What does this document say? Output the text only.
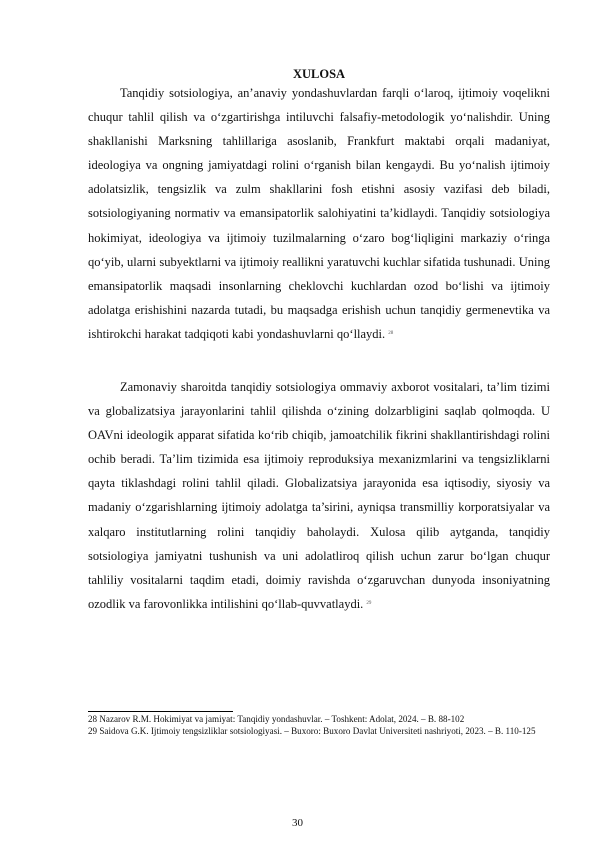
XULOSA

Tanqidiy sotsiologiya, an’anaviy yondashuvlardan farqli o‘laroq, ijtimoiy voqelikni chuqur tahlil qilish va o‘zgartirishga intiluvchi falsafiy-metodologik yo‘nalishdir. Uning shakllanishi Marksning tahlillariga asoslanib, Frankfurt maktabi orqali madaniyat, ideologiya va ongning jamiyatdagi rolini o‘rganish bilan kengaydi. Bu yo‘nalish ijtimoiy adolatsizlik, tengsizlik va zulm shakllarini fosh etishni asosiy vazifasi deb biladi, sotsiologiyaning normativ va emansipatorlik salohiyatini ta’kidlaydi. Tanqidiy sotsiologiya hokimiyat, ideologiya va ijtimoiy tuzilmalarning o‘zaro bog‘liqligini markaziy o‘ringa qo‘yib, ularni subyektlarni va ijtimoiy reallikni yaratuvchi kuchlar sifatida tushunadi. Uning emansipatorlik maqsadi insonlarning cheklovchi kuchlardan ozod bo‘lishi va ijtimoiy adolatga erishishini nazarda tutadi, bu maqsadga erishish uchun tanqidiy germenevtika va ishtirokchi harakat tadqiqoti kabi yondashuvlarni qo‘llaydi. $^{28}$

Zamonaviy sharoitda tanqidiy sotsiologiya ommaviy axborot vositalari, ta’lim tizimi va globalizatsiya jarayonlarini tahlil qilishda o‘zining dolzarbligini saqlab qolmoqda. U OAVni ideologik apparat sifatida ko‘rib chiqib, jamoatchilik fikrini shakllantirishdagi rolini ochib beradi. Ta’lim tizimida esa ijtimoiy reproduksiya mexanizmlarini va tengsizliklarni qayta tiklashdagi rolini tahlil qiladi. Globalizatsiya jarayonida esa iqtisodiy, siyosiy va madaniy o‘zgarishlarning ijtimoiy adolatga ta’sirini, ayniqsa transmilliy korporatsiyalar va xalqaro institutlarning rolini tanqidiy baholaydi. Xulosa qilib aytganda, tanqidiy sotsiologiya jamiyatni tushunish va uni adolatliroq qilish uchun zarur bo‘lgan chuqur tahliliy vositalarni taqdim etadi, doimiy ravishda o‘zgaruvchan dunyoda insoniyatning ozodlik va farovonlikka intilishini qo‘llab-quvvatlaydi. $^{29}$

28 Nazarov R.M. Hokimiyat va jamiyat: Tanqidiy yondashuvlar. – Toshkent: Adolat, 2024. – B. 88-102

29 Saidova G.K. Ijtimoiy tengsizliklar sotsiologiyasi. – Buxoro: Buxoro Davlat Universiteti nashriyoti, 2023. – B. 110-125

30
